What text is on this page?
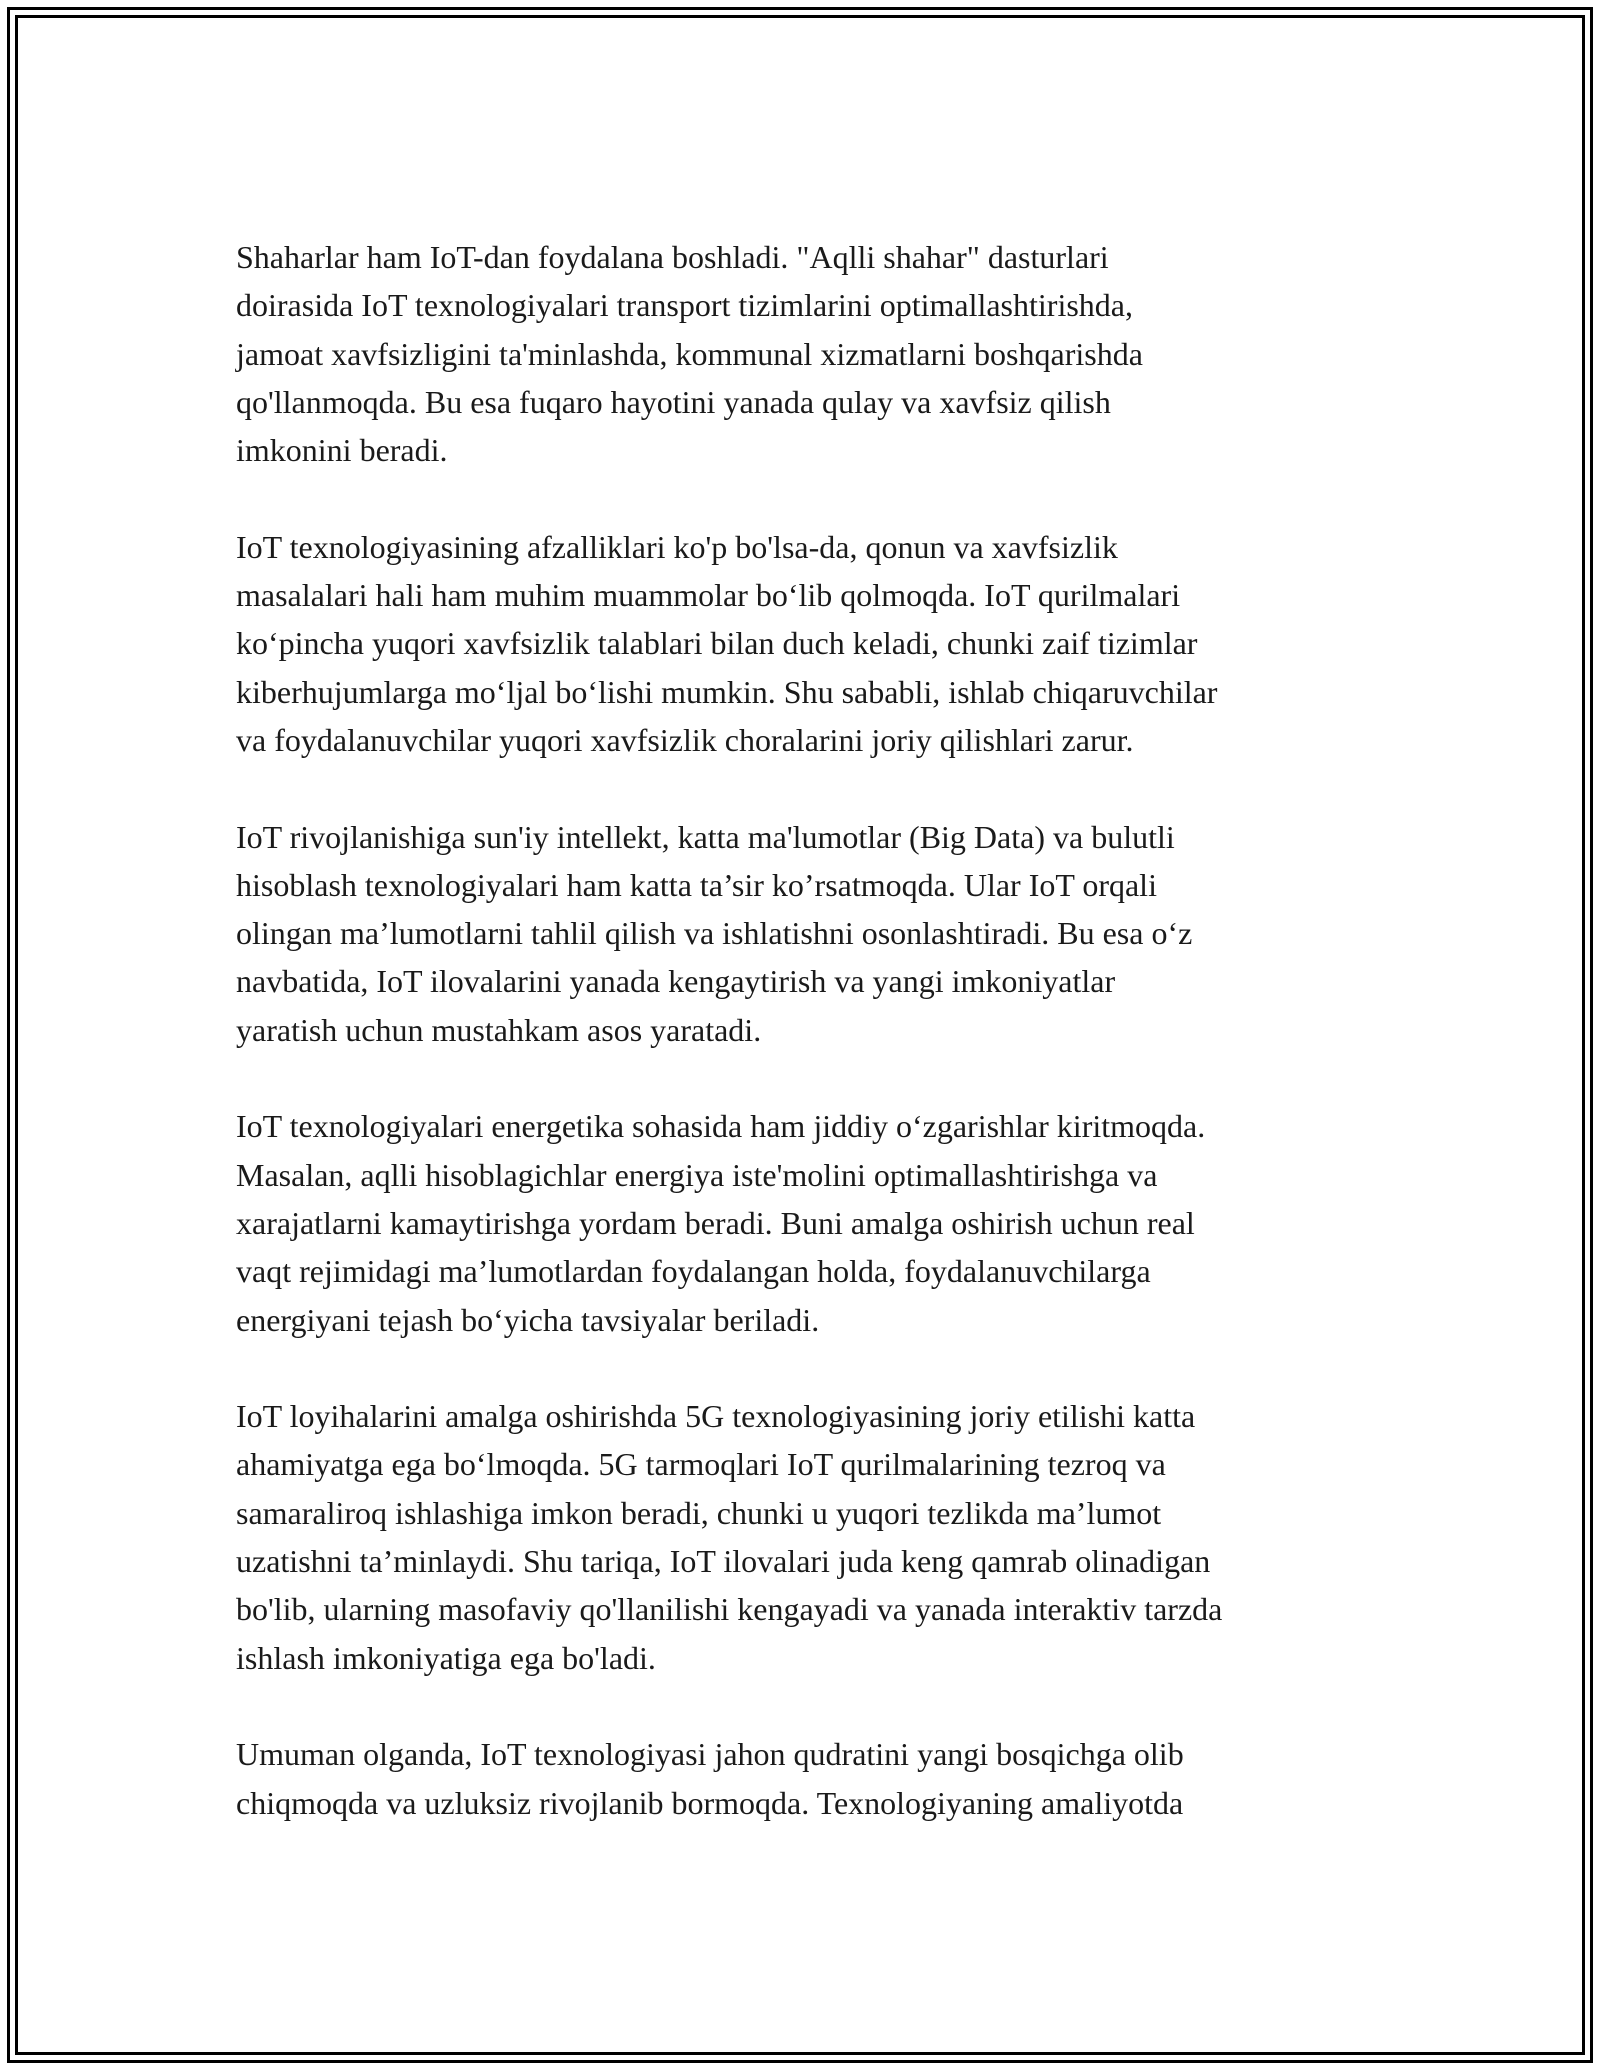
Shaharlar ham IoT-dan foydalana boshladi. "Aqlli shahar" dasturlari
doirasida IoT texnologiyalari transport tizimlarini optimallashtirishda,
jamoat xavfsizligini ta'minlashda, kommunal xizmatlarni boshqarishda
qo'llanmoqda. Bu esa fuqaro hayotini yanada qulay va xavfsiz qilish
imkonini beradi.

IoT texnologiyasining afzalliklari ko'p bo'lsa-da, qonun va xavfsizlik
masalalari hali ham muhim muammolar bo‘lib qolmoqda. IoT qurilmalari
ko‘pincha yuqori xavfsizlik talablari bilan duch keladi, chunki zaif tizimlar
kiberhujumlarga mo‘ljal bo‘lishi mumkin. Shu sababli, ishlab chiqaruvchilar
va foydalanuvchilar yuqori xavfsizlik choralarini joriy qilishlari zarur.

IoT rivojlanishiga sun'iy intellekt, katta ma'lumotlar (Big Data) va bulutli
hisoblash texnologiyalari ham katta ta’sir ko’rsatmoqda. Ular IoT orqali
olingan ma’lumotlarni tahlil qilish va ishlatishni osonlashtiradi. Bu esa o‘z
navbatida, IoT ilovalarini yanada kengaytirish va yangi imkoniyatlar
yaratish uchun mustahkam asos yaratadi.

IoT texnologiyalari energetika sohasida ham jiddiy o‘zgarishlar kiritmoqda.
Masalan, aqlli hisoblagichlar energiya iste'molini optimallashtirishga va
xarajatlarni kamaytirishga yordam beradi. Buni amalga oshirish uchun real
vaqt rejimidagi ma’lumotlardan foydalangan holda, foydalanuvchilarga
energiyani tejash bo‘yicha tavsiyalar beriladi.

IoT loyihalarini amalga oshirishda 5G texnologiyasining joriy etilishi katta
ahamiyatga ega bo‘lmoqda. 5G tarmoqlari IoT qurilmalarining tezroq va
samaraliroq ishlashiga imkon beradi, chunki u yuqori tezlikda ma’lumot
uzatishni ta’minlaydi. Shu tariqa, IoT ilovalari juda keng qamrab olinadigan
bo'lib, ularning masofaviy qo'llanilishi kengayadi va yanada interaktiv tarzda
ishlash imkoniyatiga ega bo'ladi.

Umuman olganda, IoT texnologiyasi jahon qudratini yangi bosqichga olib
chiqmoqda va uzluksiz rivojlanib bormoqda. Texnologiyaning amaliyotda
